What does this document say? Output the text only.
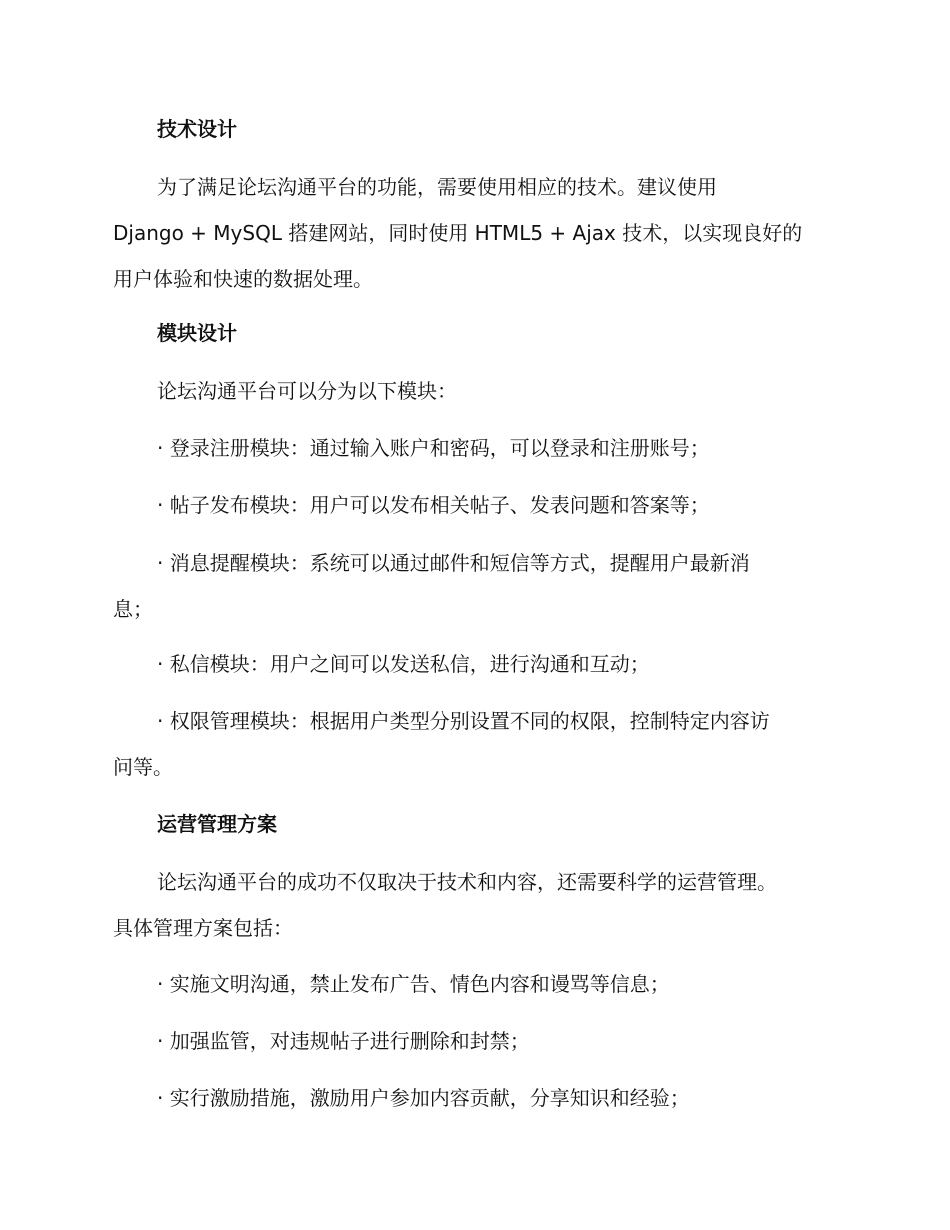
技术设计

为了满足论坛沟通平台的功能，需要使用相应的技术。建议使用
Django + MySQL 搭建网站，同时使用 HTML5 + Ajax 技术，以实现良好的
用户体验和快速的数据处理。

模块设计

论坛沟通平台可以分为以下模块：

· 登录注册模块：通过输入账户和密码，可以登录和注册账号；

· 帖子发布模块：用户可以发布相关帖子、发表问题和答案等；

· 消息提醒模块：系统可以通过邮件和短信等方式，提醒用户最新消
息；

· 私信模块：用户之间可以发送私信，进行沟通和互动；

· 权限管理模块：根据用户类型分别设置不同的权限，控制特定内容访
问等。
运营管理方案
论坛沟通平台的成功不仅取决于技术和内容，还需要科学的运营管理。
具体管理方案包括：

· 实施文明沟通，禁止发布广告、情色内容和谩骂等信息；

· 加强监管，对违规帖子进行删除和封禁；

· 实行激励措施，激励用户参加内容贡献，分享知识和经验；
